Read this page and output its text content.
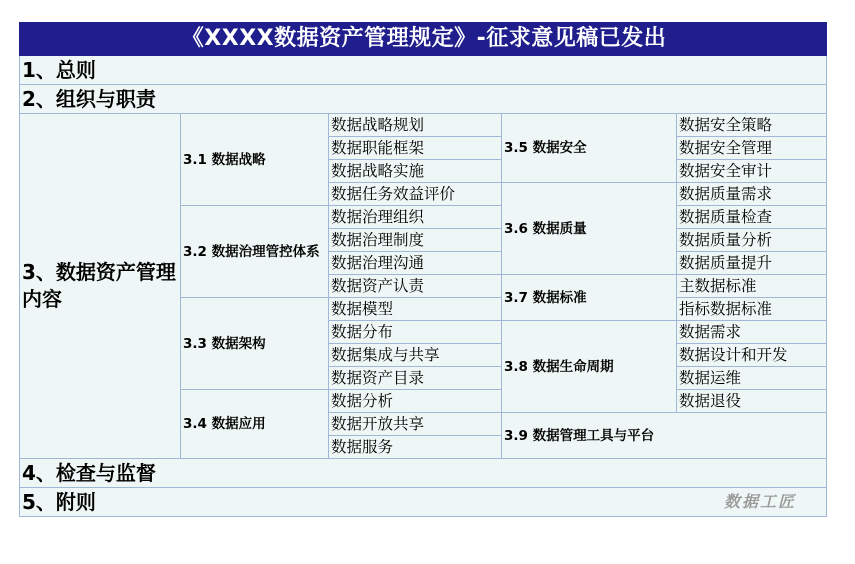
《XXXX数据资产管理规定》-征求意见稿已发出				
1、总则				
2、组织与职责				
3、数据资产管理内容	3.1 数据战略	数据战略规划	3.5 数据安全	数据安全策略
		数据职能框架		数据安全管理
		数据战略实施		数据安全审计
		数据任务效益评价	3.6 数据质量	数据质量需求
	3.2 数据治理管控体系	数据治理组织		数据质量检查
		数据治理制度		数据质量分析
		数据治理沟通		数据质量提升
		数据资产认责	3.7 数据标准	主数据标准
	3.3 数据架构	数据模型		指标数据标准
		数据分布	3.8 数据生命周期	数据需求
		数据集成与共享		数据设计和开发
		数据资产目录		数据运维
	3.4 数据应用	数据分析		数据退役
		数据开放共享	3.9 数据管理工具与平台	
		数据服务		
4、检查与监督				
5、附则 数据工匠				
